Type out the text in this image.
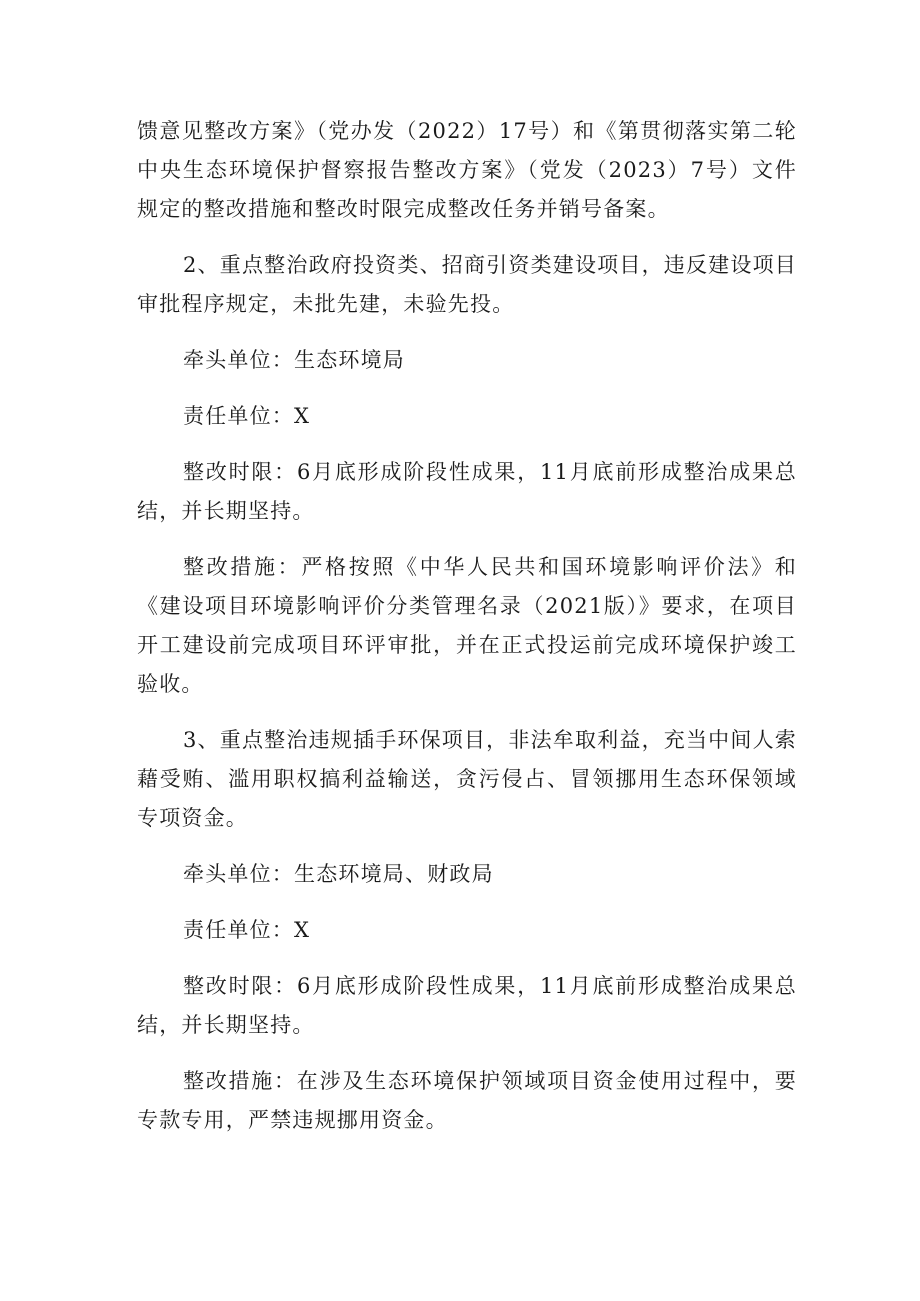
馈意见整改方案》（党办发（2022）17号）和《第贯彻落实第二轮中央生态环境保护督察报告整改方案》（党发（2023）7号）文件规定的整改措施和整改时限完成整改任务并销号备案。

2、重点整治政府投资类、招商引资类建设项目，违反建设项目审批程序规定，未批先建，未验先投。

牵头单位：生态环境局

责任单位：X

整改时限：6月底形成阶段性成果，11月底前形成整治成果总结，并长期坚持。

整改措施：严格按照《中华人民共和国环境影响评价法》和《建设项目环境影响评价分类管理名录（2021版）》要求，在项目开工建设前完成项目环评审批，并在正式投运前完成环境保护竣工验收。

3、重点整治违规插手环保项目，非法牟取利益，充当中间人索藉受贿、滥用职权搞利益输送，贪污侵占、冒领挪用生态环保领域专项资金。

牵头单位：生态环境局、财政局

责任单位：X

整改时限：6月底形成阶段性成果，11月底前形成整治成果总结，并长期坚持。

整改措施：在涉及生态环境保护领域项目资金使用过程中，要专款专用，严禁违规挪用资金。
